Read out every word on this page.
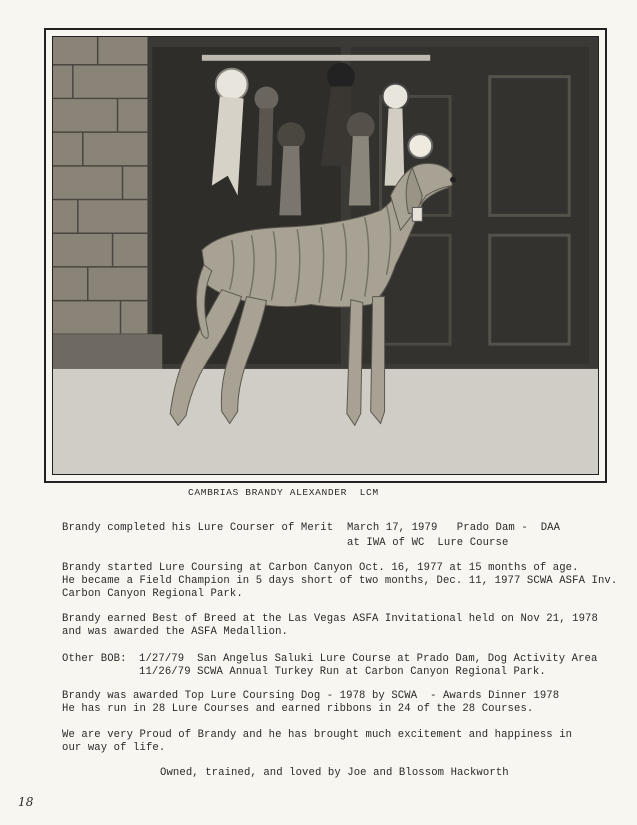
CAMBRIAS BRANDY ALEXANDER  LCM
Brandy completed his Lure Courser of Merit March 17, 1979   Prado Dam -  DAA
at IWA of WC  Lure Course
Brandy started Lure Coursing at Carbon Canyon Oct. 16, 1977 at 15 months of age.
He became a Field Champion in 5 days short of two months, Dec. 11, 1977 SCWA ASFA Inv.
Carbon Canyon Regional Park.
Brandy earned Best of Breed at the Las Vegas ASFA Invitational held on Nov 21, 1978
and was awarded the ASFA Medallion.
Other BOB: 1/27/79  San Angelus Saluki Lure Course at Prado Dam, Dog Activity Area
11/26/79 SCWA Annual Turkey Run at Carbon Canyon Regional Park.
Brandy was awarded Top Lure Coursing Dog - 1978 by SCWA  - Awards Dinner 1978
He has run in 28 Lure Courses and earned ribbons in 24 of the 28 Courses.
We are very Proud of Brandy and he has brought much excitement and happiness in
our way of life.
Owned, trained, and loved by Joe and Blossom Hackworth
18
